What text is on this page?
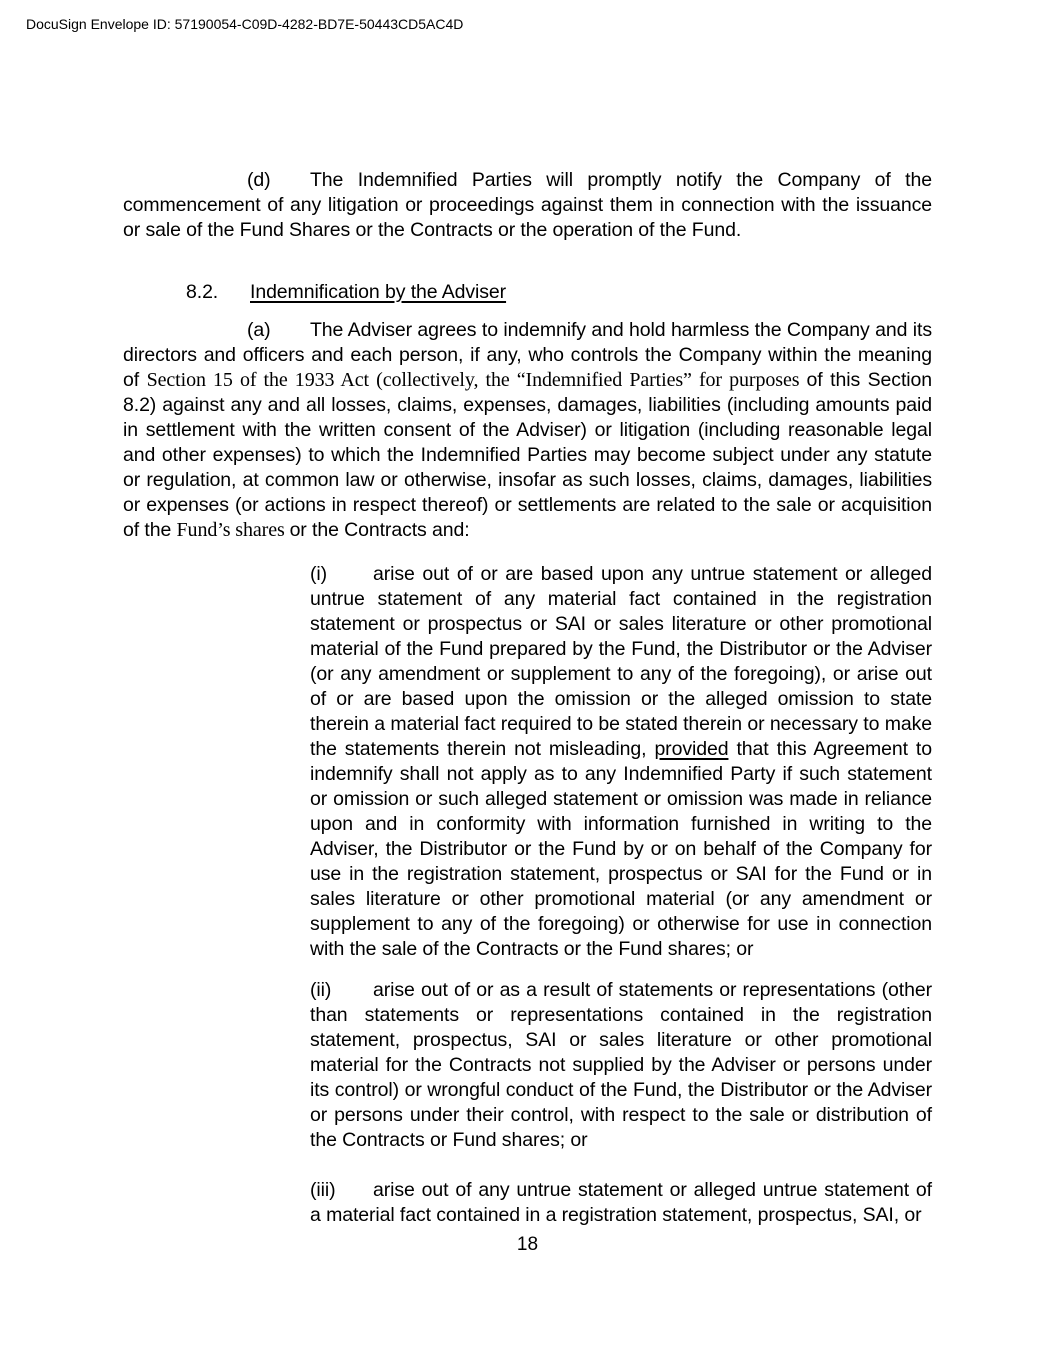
DocuSign Envelope ID: 57190054-C09D-4282-BD7E-50443CD5AC4D

(d) The Indemnified Parties will promptly notify the Company of the commencement of any litigation or proceedings against them in connection with the issuance or sale of the Fund Shares or the Contracts or the operation of the Fund.

8.2. Indemnification by the Adviser

(a) The Adviser agrees to indemnify and hold harmless the Company and its directors and officers and each person, if any, who controls the Company within the meaning of Section 15 of the 1933 Act (collectively, the “Indemnified Parties” for purposes of this Section 8.2) against any and all losses, claims, expenses, damages, liabilities (including amounts paid in settlement with the written consent of the Adviser) or litigation (including reasonable legal and other expenses) to which the Indemnified Parties may become subject under any statute or regulation, at common law or otherwise, insofar as such losses, claims, damages, liabilities or expenses (or actions in respect thereof) or settlements are related to the sale or acquisition of the Fund’s shares or the Contracts and:

(i) arise out of or are based upon any untrue statement or alleged untrue statement of any material fact contained in the registration statement or prospectus or SAI or sales literature or other promotional material of the Fund prepared by the Fund, the Distributor or the Adviser (or any amendment or supplement to any of the foregoing), or arise out of or are based upon the omission or the alleged omission to state therein a material fact required to be stated therein or necessary to make the statements therein not misleading, provided that this Agreement to indemnify shall not apply as to any Indemnified Party if such statement or omission or such alleged statement or omission was made in reliance upon and in conformity with information furnished in writing to the Adviser, the Distributor or the Fund by or on behalf of the Company for use in the registration statement, prospectus or SAI for the Fund or in sales literature or other promotional material (or any amendment or supplement to any of the foregoing) or otherwise for use in connection with the sale of the Contracts or the Fund shares; or

(ii) arise out of or as a result of statements or representations (other than statements or representations contained in the registration statement, prospectus, SAI or sales literature or other promotional material for the Contracts not supplied by the Adviser or persons under its control) or wrongful conduct of the Fund, the Distributor or the Adviser or persons under their control, with respect to the sale or distribution of the Contracts or Fund shares; or

(iii) arise out of any untrue statement or alleged untrue statement of a material fact contained in a registration statement, prospectus, SAI, or

18
